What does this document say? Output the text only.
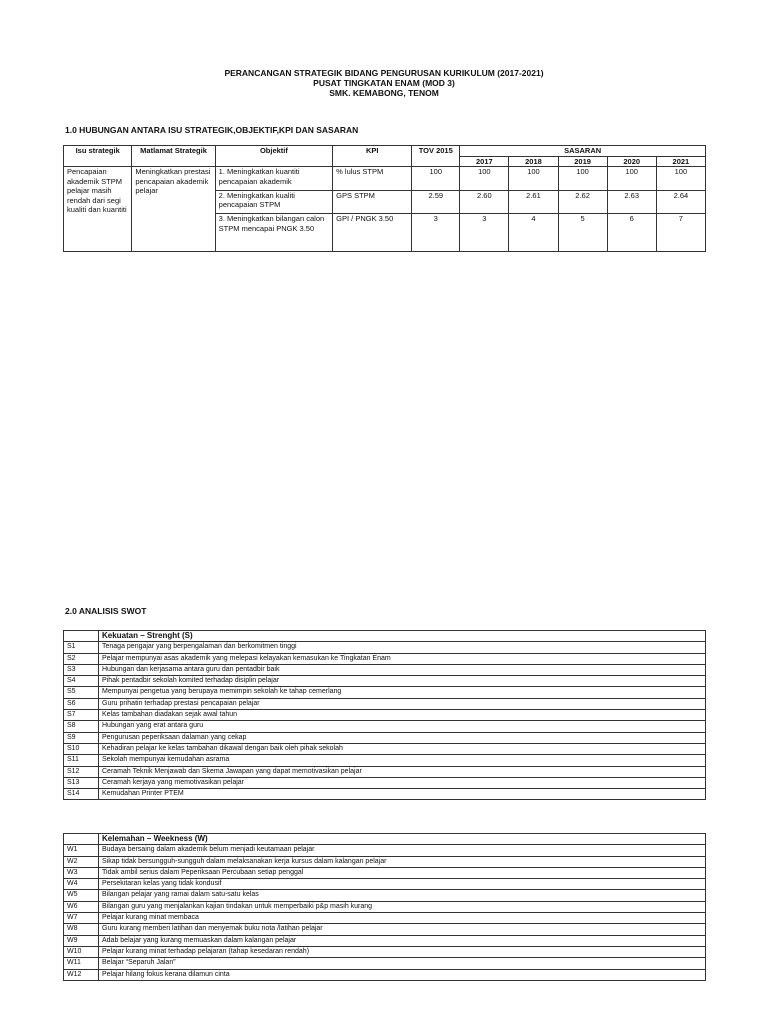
PERANCANGAN STRATEGIK BIDANG PENGURUSAN KURIKULUM (2017-2021)
PUSAT TINGKATAN ENAM (MOD 3)
SMK. KEMABONG, TENOM
1.0 HUBUNGAN ANTARA ISU STRATEGIK,OBJEKTIF,KPI DAN SASARAN
Isu strategik	Matlamat Strategik	Objektif	KPI	TOV 2015	SASARAN				
					2017	2018	2019	2020	2021
Pencapaian akademik STPM pelajar masih rendah dari segi kualiti dan kuantiti	Meningkatkan prestasi pencapaian akademik pelajar	1. Meningkatkan kuantiti pencapaian akademik	% lulus STPM	100	100	100	100	100	100
		2. Meningkatkan kualiti pencapaian STPM	GPS STPM	2.59	2.60	2.61	2.62	2.63	2.64
		3. Meningkatkan bilangan calon STPM mencapai PNGK 3.50	GPI / PNGK 3.50	3	3	4	5	6	7
2.0 ANALISIS SWOT
	Kekuatan – Strenght (S)
S1	Tenaga pengajar yang berpengalaman dan berkomitmen tinggi
S2	Pelajar mempunyai asas akademik yang melepasi kelayakan kemasukan ke Tingkatan Enam
S3	Hubungan dan kerjasama antara guru dan pentadbir baik
S4	Pihak pentadbir sekolah komited terhadap disiplin pelajar
S5	Mempunyai pengetua yang berupaya memimpin sekolah ke tahap cemerlang
S6	Guru prihatin terhadap prestasi pencapaian pelajar
S7	Kelas tambahan diadakan sejak awal tahun
S8	Hubungan yang erat antara guru
S9	Pengurusan peperiksaan dalaman yang cekap
S10	Kehadiran pelajar ke kelas tambahan dikawal dengan baik oleh pihak sekolah
S11	Sekolah mempunyai kemudahan asrama
S12	Ceramah Teknik Menjawab dan Skema Jawapan yang dapat memotivasikan pelajar
S13	Ceramah kerjaya yang memotivasikan pelajar
S14	Kemudahan Printer PTEM
	Kelemahan – Weekness (W)
W1	Budaya bersaing dalam akademik belum menjadi keutamaan pelajar
W2	Sikap tidak bersungguh-sungguh dalam melaksanakan kerja kursus dalam kalangan pelajar
W3	Tidak ambil serius dalam Peperiksaan Percubaan setiap penggal
W4	Persekitaran kelas yang tidak kondusif
W5	Bilangan pelajar yang ramai dalam satu-satu kelas
W6	Bilangan guru yang menjalankan kajian tindakan untuk memperbaiki p&p masih kurang
W7	Pelajar kurang minat membaca
W8	Guru kurang memberi latihan dan menyemak buku nota /latihan pelajar
W9	Adab belajar yang kurang memuaskan dalam kalangan pelajar
W10	Pelajar kurang minat terhadap pelajaran (tahap kesedaran rendah)
W11	Belajar “Separuh Jalan”
W12	Pelajar hilang fokus kerana dilamun cinta
